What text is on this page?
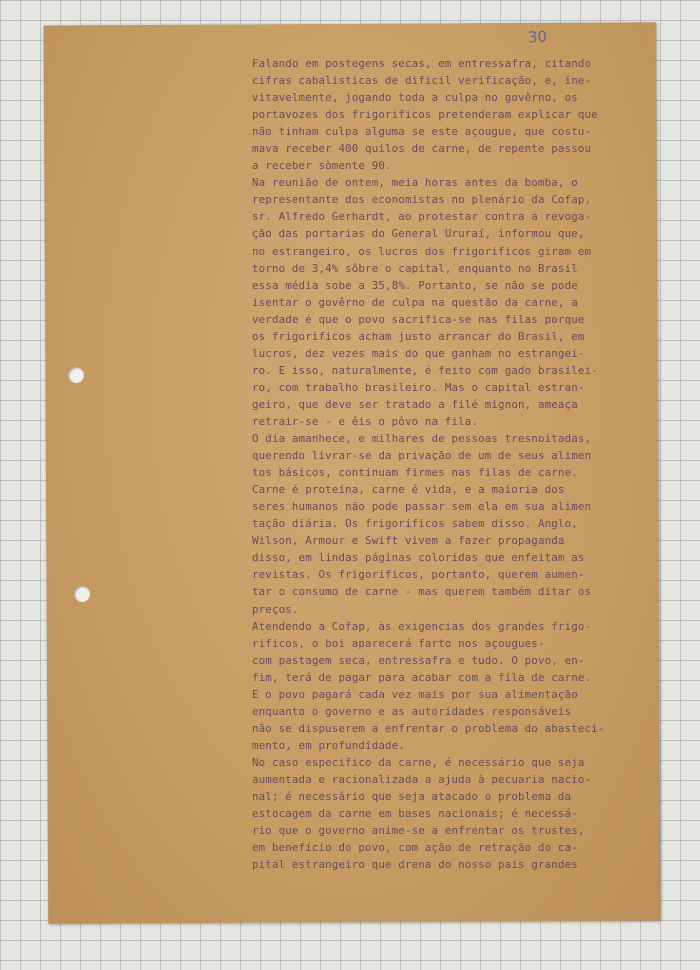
30
Falando em postegens secas, em entressafra, citando
cifras cabalisticas de dificil verificação, e, ine-
vitavelmente, jogando toda a culpa no govêrno, os
portavozes dos frigorificos pretenderam explicar que
não tinham culpa alguma se este açougue, que costu-
mava receber 400 quilos de carne, de repente passou
a receber sòmente 90.
Na reunião de ontem, meia horas antes da bomba, o
representante dos economistas no plenário da Cofap,
sr. Alfredo Gerhardt, ao protestar contra a revoga-
ção das portarias do General Ururaí, informou que,
no estrangeiro, os lucros dos frigorificos giram em
torno de 3,4% sôbre o capital, enquanto no Brasil
essa média sobe a 35,8%. Portanto, se não se pode
isentar o govêrno de culpa na questão da carne, a
verdade é que o povo sacrifica-se nas filas porque
os frigorificos acham justo arrancar do Brasil, em
lucros, dez vezes mais do que ganham no estrangei-
ro. E isso, naturalmente, é feito com gado brasilei-
ro, com trabalho brasileiro. Mas o capital estran-
geiro, que deve ser tratado a filé mignon, ameaça
retrair-se - e êis o pôvo na fila.
O dia amanhece, e milhares de pessoas tresnoitadas,
querendo livrar-se da privação de um de seus alimen
tos básicos, continuam firmes nas filas de carne.
Carne é proteína, carne é vida, e a maioria dos
seres humanos não pode passar sem ela em sua alimen
tação diária. Os frigorificos sabem disso. Anglo,
Wilson, Armour e Swift vivem a fazer propaganda
disso, em lindas páginas coloridas que enfeitam as
revistas. Os frigorificos, portanto, querem aumen-
tar o consumo de carne - mas querem também ditar os
preços.
Atendendo a Cofap, às exigencias dos grandes frigo-
rificos, o boi aparecerá farto nos açougues-
com pastagem seca, entressafra e tudo. O povo, en-
fim, terá de pagar para acabar com a fila de carne.
E o povo pagará cada vez mais por sua alimentação
enquanto o governo e as autoridades responsáveis
não se dispuserem a enfrentar o problema do abasteci-
mento, em profundidade.
No caso especifico da carne, é necessário que seja
aumentada e racionalizada a ajuda à pecuaria nacio-
nal; é necessário que seja atacado o problema da
estocagem da carne em bases nacionais; é necessá-
rio que o governo anime-se a enfrentar os trustes,
em benefício do povo, com ação de retração do ca-
pital estrangeiro que drena do nosso pais grandes
